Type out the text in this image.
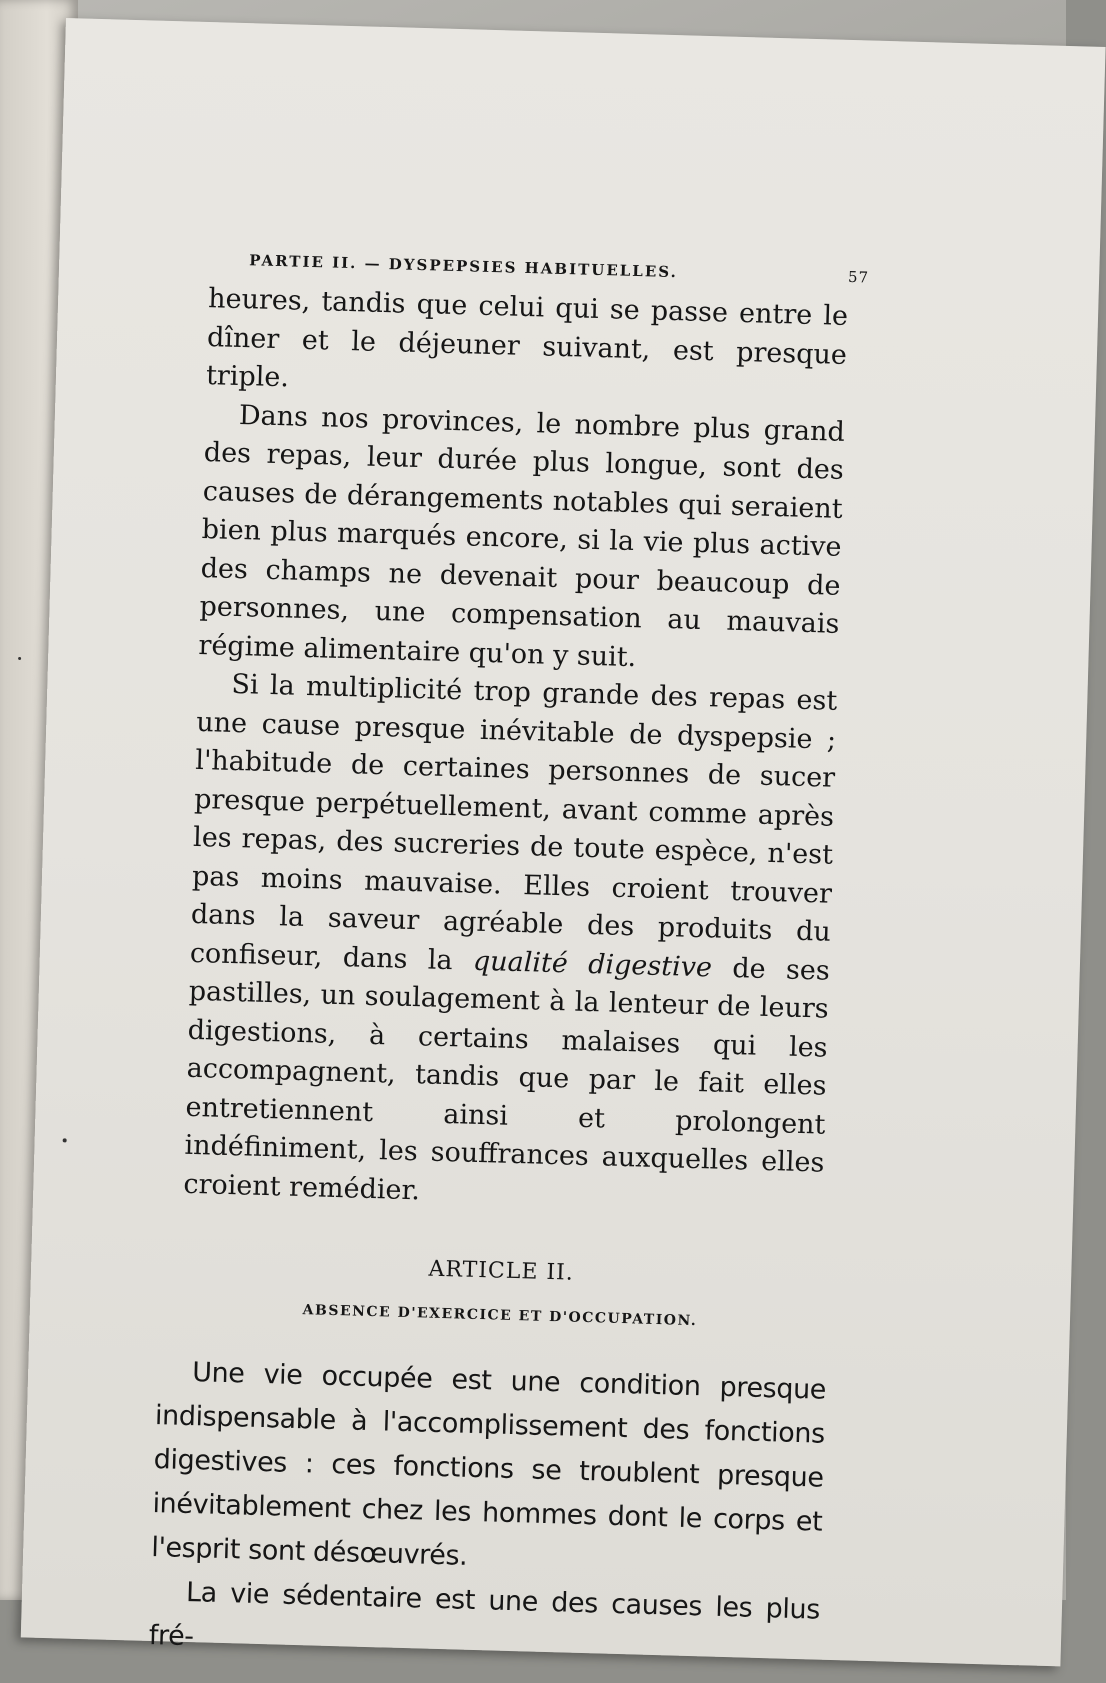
PARTIE II. — DYSPEPSIES HABITUELLES.	57

heures, tandis que celui qui se passe entre le dîner et le déjeuner suivant, est presque triple.

Dans nos provinces, le nombre plus grand des repas, leur durée plus longue, sont des causes de dérangements notables qui seraient bien plus marqués encore, si la vie plus active des champs ne devenait pour beaucoup de personnes, une compensation au mauvais régime alimentaire qu'on y suit.

Si la multiplicité trop grande des repas est une cause presque inévitable de dyspepsie ; l'habitude de certaines personnes de sucer presque perpétuellement, avant comme après les repas, des sucreries de toute espèce, n'est pas moins mauvaise. Elles croient trouver dans la saveur agréable des produits du confiseur, dans la qualité digestive de ses pastilles, un soulagement à la lenteur de leurs digestions, à certains malaises qui les accompagnent, tandis que par le fait elles entretiennent ainsi et prolongent indéfiniment, les souffrances auxquelles elles croient remédier.

ARTICLE II.
ABSENCE D'EXERCICE ET D'OCCUPATION.

Une vie occupée est une condition presque indispensable à l'accomplissement des fonctions digestives : ces fonctions se troublent presque inévitablement chez les hommes dont le corps et l'esprit sont désœuvrés.

La vie sédentaire est une des causes les plus fré-
